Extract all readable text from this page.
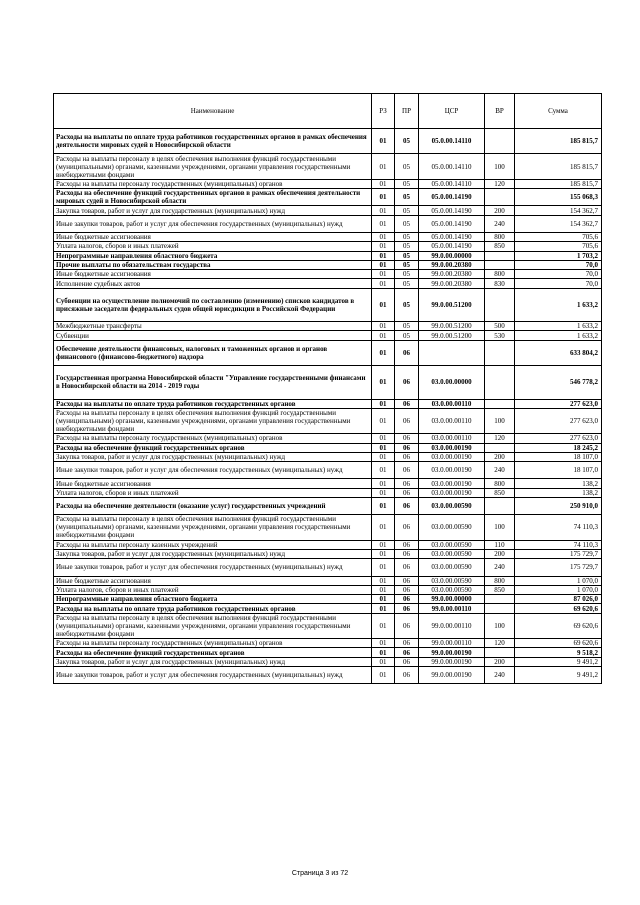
Наименование	РЗ	ПР	ЦСР	ВР	Сумма
Расходы на выплаты по оплате труда работников государственных органов в рамках обеспечения деятельности мировых судей в Новосибирской области	01	05	05.0.00.14110		185 815,7
Расходы на выплаты персоналу в целях обеспечения выполнения функций государственными (муниципальными) органами, казенными учреждениями, органами управления государственными внебюджетными фондами	01	05	05.0.00.14110	100	185 815,7
Расходы на выплаты персоналу государственных (муниципальных) органов	01	05	05.0.00.14110	120	185 815,7
Расходы на обеспечение функций государственных органов в рамках обеспечения деятельности мировых судей в Новосибирской области	01	05	05.0.00.14190		155 068,3
Закупка товаров, работ и услуг для государственных (муниципальных) нужд	01	05	05.0.00.14190	200	154 362,7
Иные закупки товаров, работ и услуг для обеспечения государственных (муниципальных) нужд	01	05	05.0.00.14190	240	154 362,7
Иные бюджетные ассигнования	01	05	05.0.00.14190	800	705,6
Уплата налогов, сборов и иных платежей	01	05	05.0.00.14190	850	705,6
Непрограммные направления областного бюджета	01	05	99.0.00.00000		1 703,2
Прочие выплаты по обязательствам государства	01	05	99.0.00.20380		70,0
Иные бюджетные ассигнования	01	05	99.0.00.20380	800	70,0
Исполнение судебных актов	01	05	99.0.00.20380	830	70,0
Субвенции на осуществление полномочий по составлению (изменению) списков кандидатов в присяжные заседатели федеральных судов общей юрисдикции в Российской Федерации	01	05	99.0.00.51200		1 633,2
Межбюджетные трансферты	01	05	99.0.00.51200	500	1 633,2
Субвенции	01	05	99.0.00.51200	530	1 633,2
Обеспечение деятельности финансовых, налоговых и таможенных органов и органов финансового (финансово-бюджетного) надзора	01	06			633 804,2
Государственная программа Новосибирской области "Управление государственными финансами в Новосибирской области на 2014 - 2019 годы	01	06	03.0.00.00000		546 778,2
Расходы на выплаты по оплате труда работников государственных органов	01	06	03.0.00.00110		277 623,0
Расходы на выплаты персоналу в целях обеспечения выполнения функций государственными (муниципальными) органами, казенными учреждениями, органами управления государственными внебюджетными фондами	01	06	03.0.00.00110	100	277 623,0
Расходы на выплаты персоналу государственных (муниципальных) органов	01	06	03.0.00.00110	120	277 623,0
Расходы на обеспечение функций государственных органов	01	06	03.0.00.00190		18 245,2
Закупка товаров, работ и услуг для государственных (муниципальных) нужд	01	06	03.0.00.00190	200	18 107,0
Иные закупки товаров, работ и услуг для обеспечения государственных (муниципальных) нужд	01	06	03.0.00.00190	240	18 107,0
Иные бюджетные ассигнования	01	06	03.0.00.00190	800	138,2
Уплата налогов, сборов и иных платежей	01	06	03.0.00.00190	850	138,2
Расходы на обеспечение деятельности (оказание услуг) государственных учреждений	01	06	03.0.00.00590		250 910,0
Расходы на выплаты персоналу в целях обеспечения выполнения функций государственными (муниципальными) органами, казенными учреждениями, органами управления государственными внебюджетными фондами	01	06	03.0.00.00590	100	74 110,3
Расходы на выплаты персоналу казенных учреждений	01	06	03.0.00.00590	110	74 110,3
Закупка товаров, работ и услуг для государственных (муниципальных) нужд	01	06	03.0.00.00590	200	175 729,7
Иные закупки товаров, работ и услуг для обеспечения государственных (муниципальных) нужд	01	06	03.0.00.00590	240	175 729,7
Иные бюджетные ассигнования	01	06	03.0.00.00590	800	1 070,0
Уплата налогов, сборов и иных платежей	01	06	03.0.00.00590	850	1 070,0
Непрограммные направления областного бюджета	01	06	99.0.00.00000		87 026,0
Расходы на выплаты по оплате труда работников государственных органов	01	06	99.0.00.00110		69 620,6
Расходы на выплаты персоналу в целях обеспечения выполнения функций государственными (муниципальными) органами, казенными учреждениями, органами управления государственными внебюджетными фондами	01	06	99.0.00.00110	100	69 620,6
Расходы на выплаты персоналу государственных (муниципальных) органов	01	06	99.0.00.00110	120	69 620,6
Расходы на обеспечение функций государственных органов	01	06	99.0.00.00190		9 518,2
Закупка товаров, работ и услуг для государственных (муниципальных) нужд	01	06	99.0.00.00190	200	9 491,2
Иные закупки товаров, работ и услуг для обеспечения государственных (муниципальных) нужд	01	06	99.0.00.00190	240	9 491,2
Страница 3 из 72
